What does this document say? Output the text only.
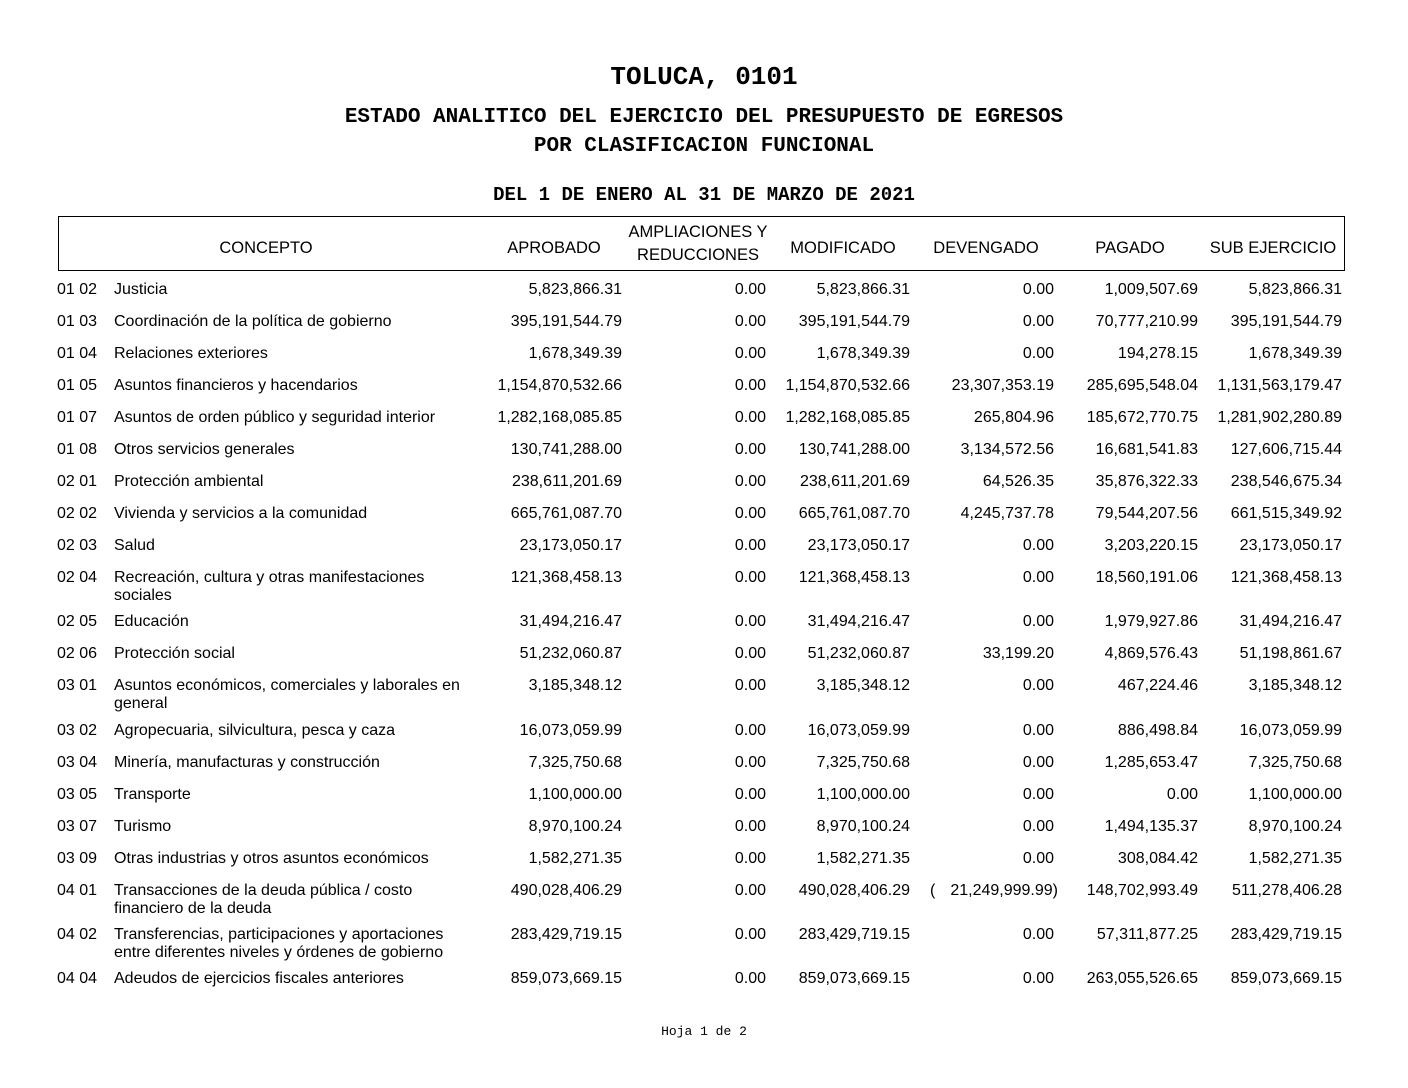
TOLUCA, 0101
ESTADO ANALITICO DEL EJERCICIO DEL PRESUPUESTO DE EGRESOS
POR CLASIFICACION FUNCIONAL
DEL 1 DE ENERO AL 31 DE MARZO DE 2021
CONCEPTO	APROBADO
AMPLIACIONES Y
REDUCCIONES	MODIFICADO	DEVENGADO	PAGADO	SUB EJERCICIO
01 02 Justicia	5,823,866.31	0.00	5,823,866.31	0.00	1,009,507.69	5,823,866.31
01 03 Coordinación de la política de gobierno	395,191,544.79	0.00 395,191,544.79	0.00	70,777,210.99 395,191,544.79
01 04 Relaciones exteriores	1,678,349.39	0.00	1,678,349.39	0.00	194,278.15	1,678,349.39
01 05 Asuntos financieros y hacendarios	1,154,870,532.66	0.00 1,154,870,532.66	23,307,353.19 285,695,548.04 1,131,563,179.47
01 07 Asuntos de orden público y seguridad interior	1,282,168,085.85	0.00 1,282,168,085.85	265,804.96 185,672,770.75 1,281,902,280.89
01 08 Otros servicios generales	130,741,288.00	0.00 130,741,288.00	3,134,572.56	16,681,541.83 127,606,715.44
02 01 Protección ambiental	238,611,201.69	0.00 238,611,201.69	64,526.35	35,876,322.33 238,546,675.34
02 02 Vivienda y servicios a la comunidad	665,761,087.70	0.00 665,761,087.70	4,245,737.78	79,544,207.56 661,515,349.92
02 03 Salud	23,173,050.17	0.00	23,173,050.17	0.00	3,203,220.15	23,173,050.17
02 04 Recreación, cultura y otras manifestaciones sociales
121,368,458.13	0.00 121,368,458.13	0.00	18,560,191.06 121,368,458.13
02 05 Educación	31,494,216.47	0.00	31,494,216.47	0.00	1,979,927.86	31,494,216.47
02 06 Protección social	51,232,060.87	0.00	51,232,060.87	33,199.20	4,869,576.43	51,198,861.67
03 01 Asuntos económicos, comerciales y laborales en general
3,185,348.12	0.00	3,185,348.12	0.00	467,224.46	3,185,348.12
03 02 Agropecuaria, silvicultura, pesca y caza	16,073,059.99	0.00	16,073,059.99	0.00	886,498.84	16,073,059.99
03 04 Minería, manufacturas y construcción	7,325,750.68	0.00	7,325,750.68	0.00	1,285,653.47	7,325,750.68
03 05 Transporte	1,100,000.00	0.00	1,100,000.00	0.00	0.00	1,100,000.00
03 07 Turismo	8,970,100.24	0.00	8,970,100.24	0.00	1,494,135.37	8,970,100.24
03 09 Otras industrias y otros asuntos económicos	1,582,271.35	0.00	1,582,271.35	0.00	308,084.42	1,582,271.35
04 01 Transacciones de la deuda pública / costo financiero de la deuda
490,028,406.29	0.00 490,028,406.29 ( 21,249,999.99) 148,702,993.49 511,278,406.28
04 02 Transferencias, participaciones y aportaciones entre diferentes niveles y órdenes de gobierno
283,429,719.15	0.00 283,429,719.15	0.00	57,311,877.25 283,429,719.15
04 04 Adeudos de ejercicios fiscales anteriores	859,073,669.15	0.00 859,073,669.15	0.00 263,055,526.65 859,073,669.15
Hoja 1 de 2
